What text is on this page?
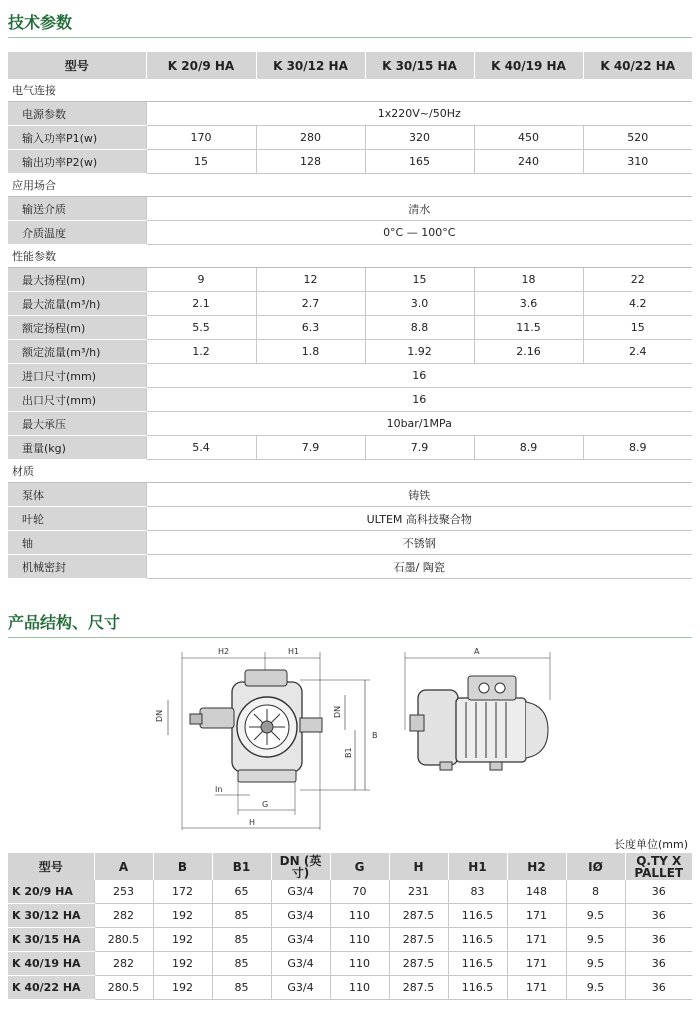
技术参数
型号	K 20/9 HA	K 30/12 HA	K 30/15 HA	K 40/19 HA	K 40/22 HA
电气连接					
电源参数	1x220V~/50Hz				
输入功率P1(w)	170	280	320	450	520
输出功率P2(w)	15	128	165	240	310
应用场合					
输送介质	清水				
介质温度	0°C — 100°C				
性能参数					
最大扬程(m)	9	12	15	18	22
最大流量(m³/h)	2.1	2.7	3.0	3.6	4.2
额定扬程(m)	5.5	6.3	8.8	11.5	15
额定流量(m³/h)	1.2	1.8	1.92	2.16	2.4
进口尺寸(mm)	16				
出口尺寸(mm)	16				
最大承压	10bar/1MPa				
重量(kg)	5.4	7.9	7.9	8.9	8.9
材质					
泵体	铸铁				
叶轮	ULTEM 高科技聚合物				
轴	不锈钢				
机械密封	石墨/ 陶瓷				
产品结构、尺寸
H2	H1
DN	DN
B
B1
In
G
H
A
长度单位(mm)
型号	A	B	B1	DN (英寸)	G	H	H1	H2	IØ	Q.TY X PALLET
K 20/9 HA	253	172	65	G3/4	70	231	83	148	8	36
K 30/12 HA	282	192	85	G3/4	110	287.5	116.5	171	9.5	36
K 30/15 HA	280.5	192	85	G3/4	110	287.5	116.5	171	9.5	36
K 40/19 HA	282	192	85	G3/4	110	287.5	116.5	171	9.5	36
K 40/22 HA	280.5	192	85	G3/4	110	287.5	116.5	171	9.5	36
